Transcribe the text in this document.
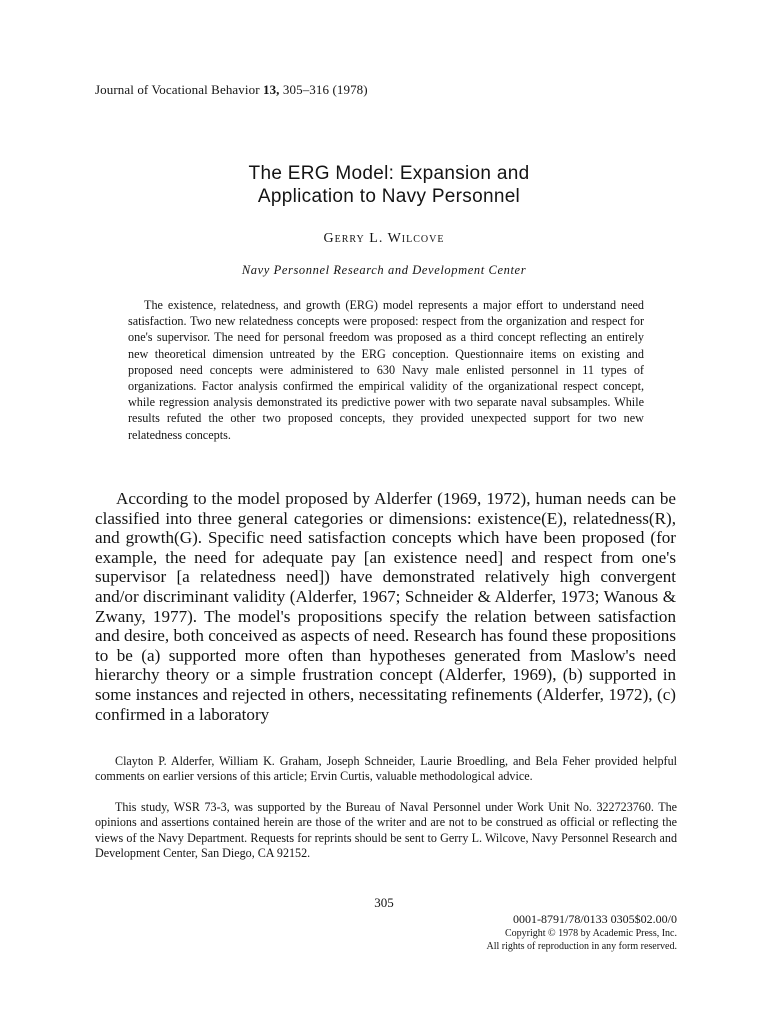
Journal of Vocational Behavior 13, 305–316 (1978)
The ERG Model: Expansion and
Application to Navy Personnel
Gerry L. Wilcove
Navy Personnel Research and Development Center

The existence, relatedness, and growth (ERG) model represents a major effort to understand need satisfaction. Two new relatedness concepts were proposed: respect from the organization and respect for one's supervisor. The need for personal freedom was proposed as a third concept reflecting an entirely new theoretical dimension untreated by the ERG conception. Questionnaire items on existing and proposed need concepts were administered to 630 Navy male enlisted personnel in 11 types of organizations. Factor analysis confirmed the empirical validity of the organizational respect concept, while regression analysis demonstrated its predictive power with two separate naval subsamples. While results refuted the other two proposed concepts, they provided unexpected support for two new relatedness concepts.

According to the model proposed by Alderfer (1969, 1972), human needs can be classified into three general categories or dimensions: existence(E), relatedness(R), and growth(G). Specific need satisfaction concepts which have been proposed (for example, the need for adequate pay [an existence need] and respect from one's supervisor [a relatedness need]) have demonstrated relatively high convergent and/or discriminant validity (Alderfer, 1967; Schneider & Alderfer, 1973; Wanous & Zwany, 1977). The model's propositions specify the relation between satisfaction and desire, both conceived as aspects of need. Research has found these propositions to be (a) supported more often than hypotheses generated from Maslow's need hierarchy theory or a simple frustration concept (Alderfer, 1969), (b) supported in some instances and rejected in others, necessitating refinements (Alderfer, 1972), (c) confirmed in a laboratory

Clayton P. Alderfer, William K. Graham, Joseph Schneider, Laurie Broedling, and Bela Feher provided helpful comments on earlier versions of this article; Ervin Curtis, valuable methodological advice.

This study, WSR 73-3, was supported by the Bureau of Naval Personnel under Work Unit No. 322723760. The opinions and assertions contained herein are those of the writer and are not to be construed as official or reflecting the views of the Navy Department. Requests for reprints should be sent to Gerry L. Wilcove, Navy Personnel Research and Development Center, San Diego, CA 92152.

305
0001-8791/78/0133 0305$02.00/0
Copyright © 1978 by Academic Press, Inc.
All rights of reproduction in any form reserved.
